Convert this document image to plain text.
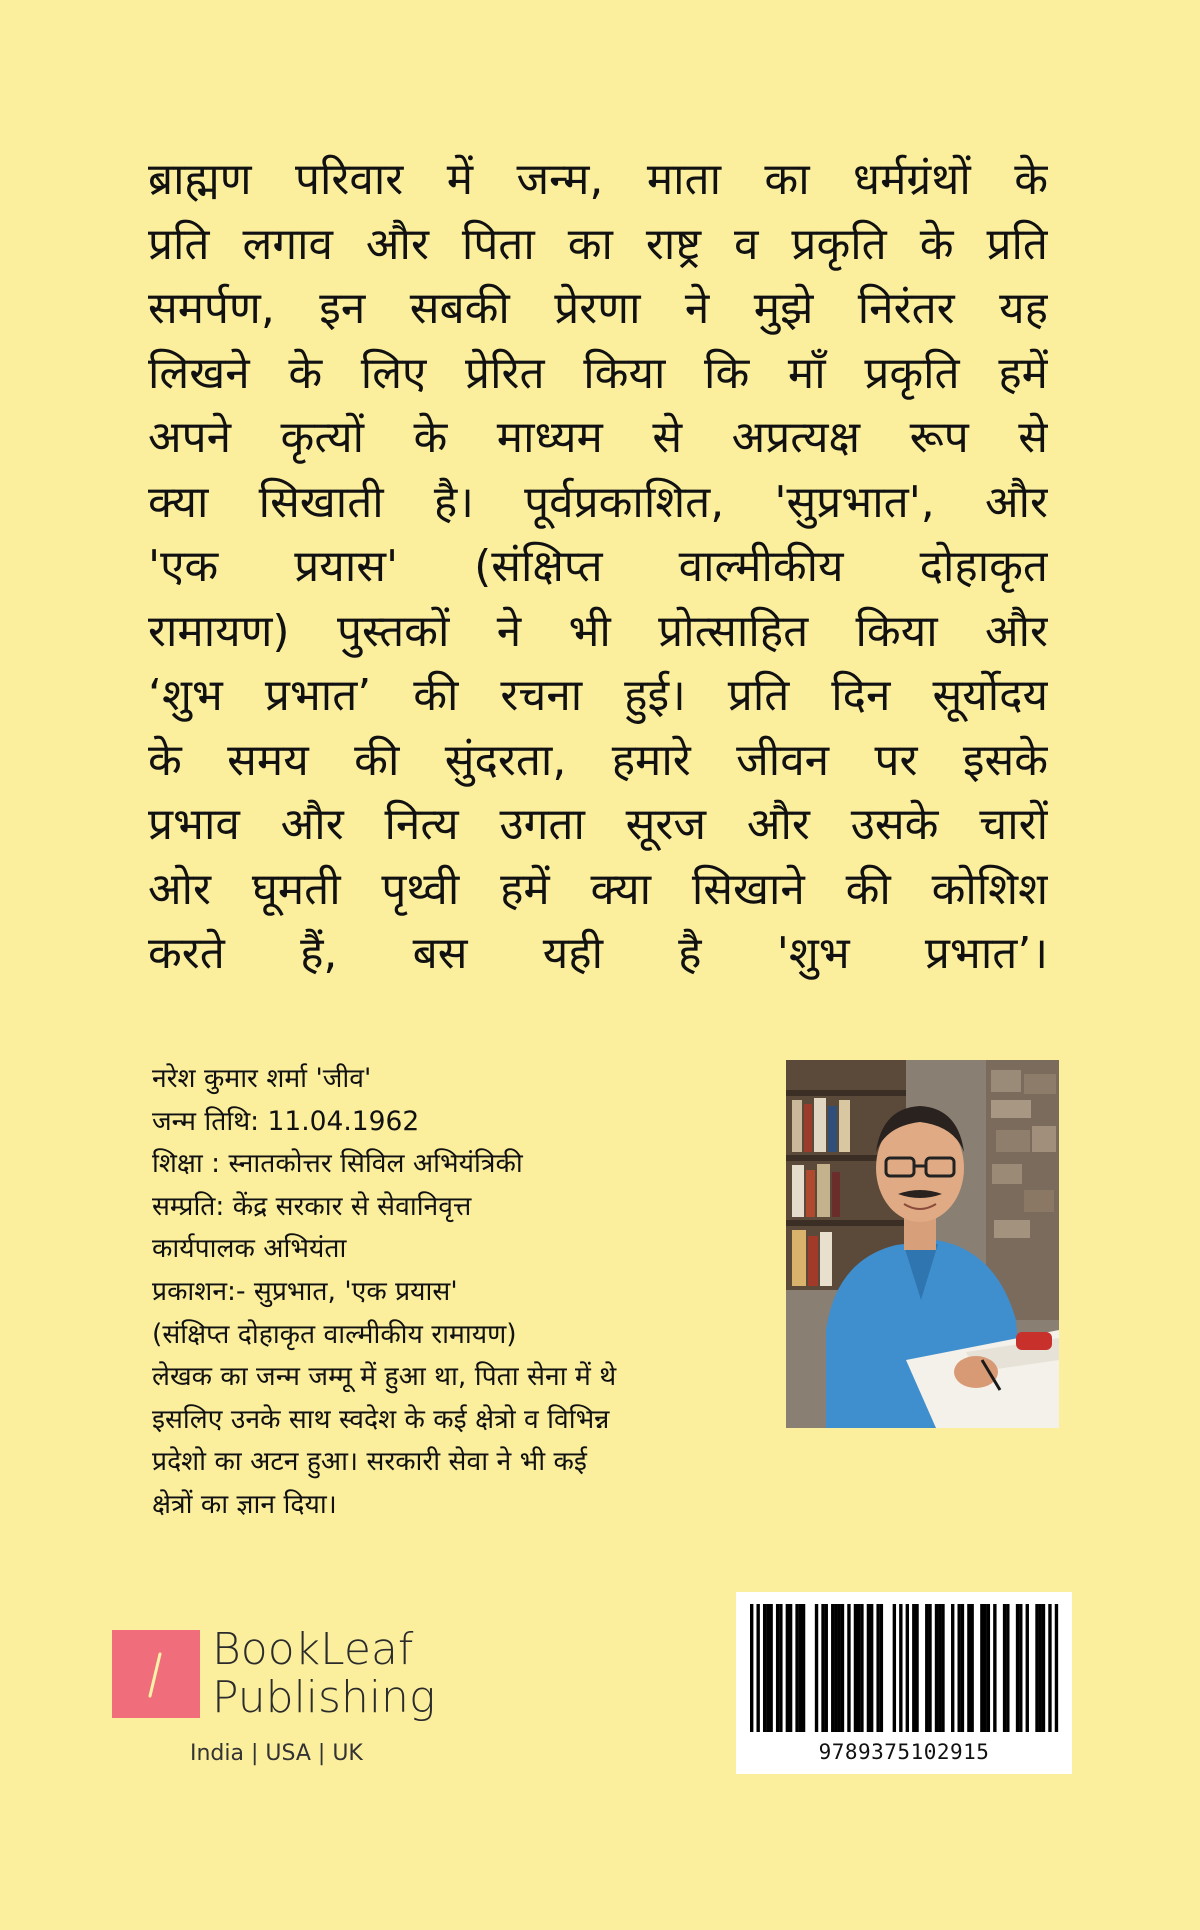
ब्राह्मण परिवार में जन्म, माता का धर्मग्रंथों के
प्रति लगाव और पिता का राष्ट्र व प्रकृति के प्रति
समर्पण, इन सबकी प्रेरणा ने मुझे निरंतर यह
लिखने के लिए प्रेरित किया कि माँ प्रकृति हमें
अपने कृत्यों के माध्यम से अप्रत्यक्ष रूप से
क्या सिखाती है। पूर्वप्रकाशित, 'सुप्रभात', और
'एक प्रयास' (संक्षिप्त वाल्मीकीय दोहाकृत
रामायण) पुस्तकों ने भी प्रोत्साहित किया और
‘शुभ प्रभात’ की रचना हुई। प्रति दिन सूर्योदय
के समय की सुंदरता, हमारे जीवन पर इसके
प्रभाव और नित्य उगता सूरज और उसके चारों
ओर घूमती पृथ्वी हमें क्या सिखाने की कोशिश
करते हैं, बस यही है 'शुभ प्रभात’।
नरेश कुमार शर्मा 'जीव'
जन्म तिथि: 11.04.1962
शिक्षा : स्नातकोत्तर सिविल अभियंत्रिकी
सम्प्रति: केंद्र सरकार से सेवानिवृत्त
कार्यपालक अभियंता
प्रकाशन:- सुप्रभात, 'एक प्रयास'
(संक्षिप्त दोहाकृत वाल्मीकीय रामायण)
लेखक का जन्म जम्मू में हुआ था, पिता सेना में थे
इसलिए उनके साथ स्वदेश के कई क्षेत्रो व विभिन्न
प्रदेशो का अटन हुआ। सरकारी सेवा ने भी कई
क्षेत्रों का ज्ञान दिया।
BookLeaf
Publishing
India | USA | UK	9789375102915
